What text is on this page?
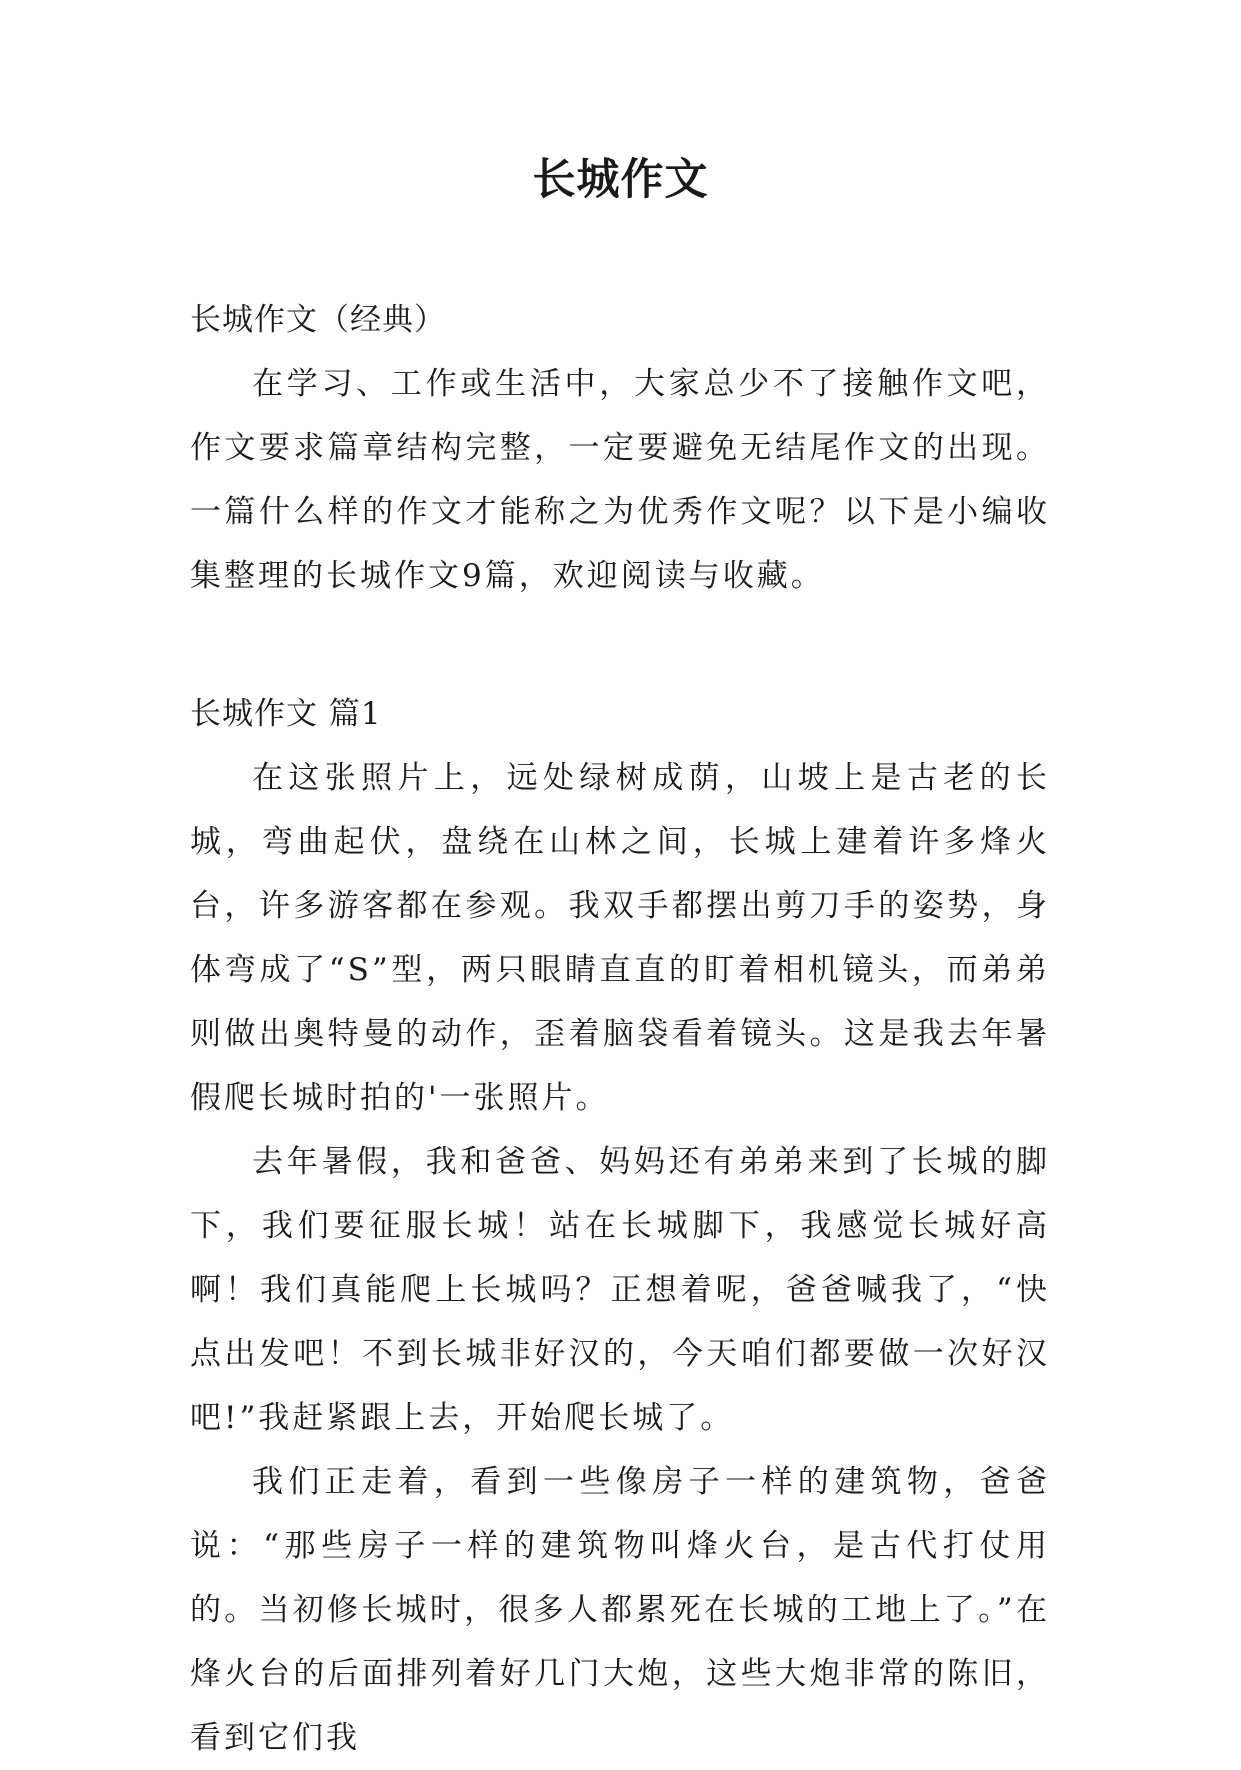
长城作文

长城作文（经典）

在学习、工作或生活中，大家总少不了接触作文吧，作文要求篇章结构完整，一定要避免无结尾作文的出现。一篇什么样的作文才能称之为优秀作文呢？以下是小编收集整理的长城作文9篇，欢迎阅读与收藏。

长城作文 篇1

在这张照片上，远处绿树成荫，山坡上是古老的长城，弯曲起伏，盘绕在山林之间，长城上建着许多烽火台，许多游客都在参观。我双手都摆出剪刀手的姿势，身体弯成了“S”型，两只眼睛直直的盯着相机镜头，而弟弟则做出奥特曼的动作，歪着脑袋看着镜头。这是我去年暑假爬长城时拍的'一张照片。

去年暑假，我和爸爸、妈妈还有弟弟来到了长城的脚下，我们要征服长城！站在长城脚下，我感觉长城好高啊！我们真能爬上长城吗？正想着呢，爸爸喊我了，“快点出发吧！不到长城非好汉的，今天咱们都要做一次好汉吧!”我赶紧跟上去，开始爬长城了。

我们正走着，看到一些像房子一样的建筑物，爸爸说：“那些房子一样的建筑物叫烽火台，是古代打仗用的。当初修长城时，很多人都累死在长城的工地上了。”在烽火台的后面排列着好几门大炮，这些大炮非常的陈旧，看到它们我
